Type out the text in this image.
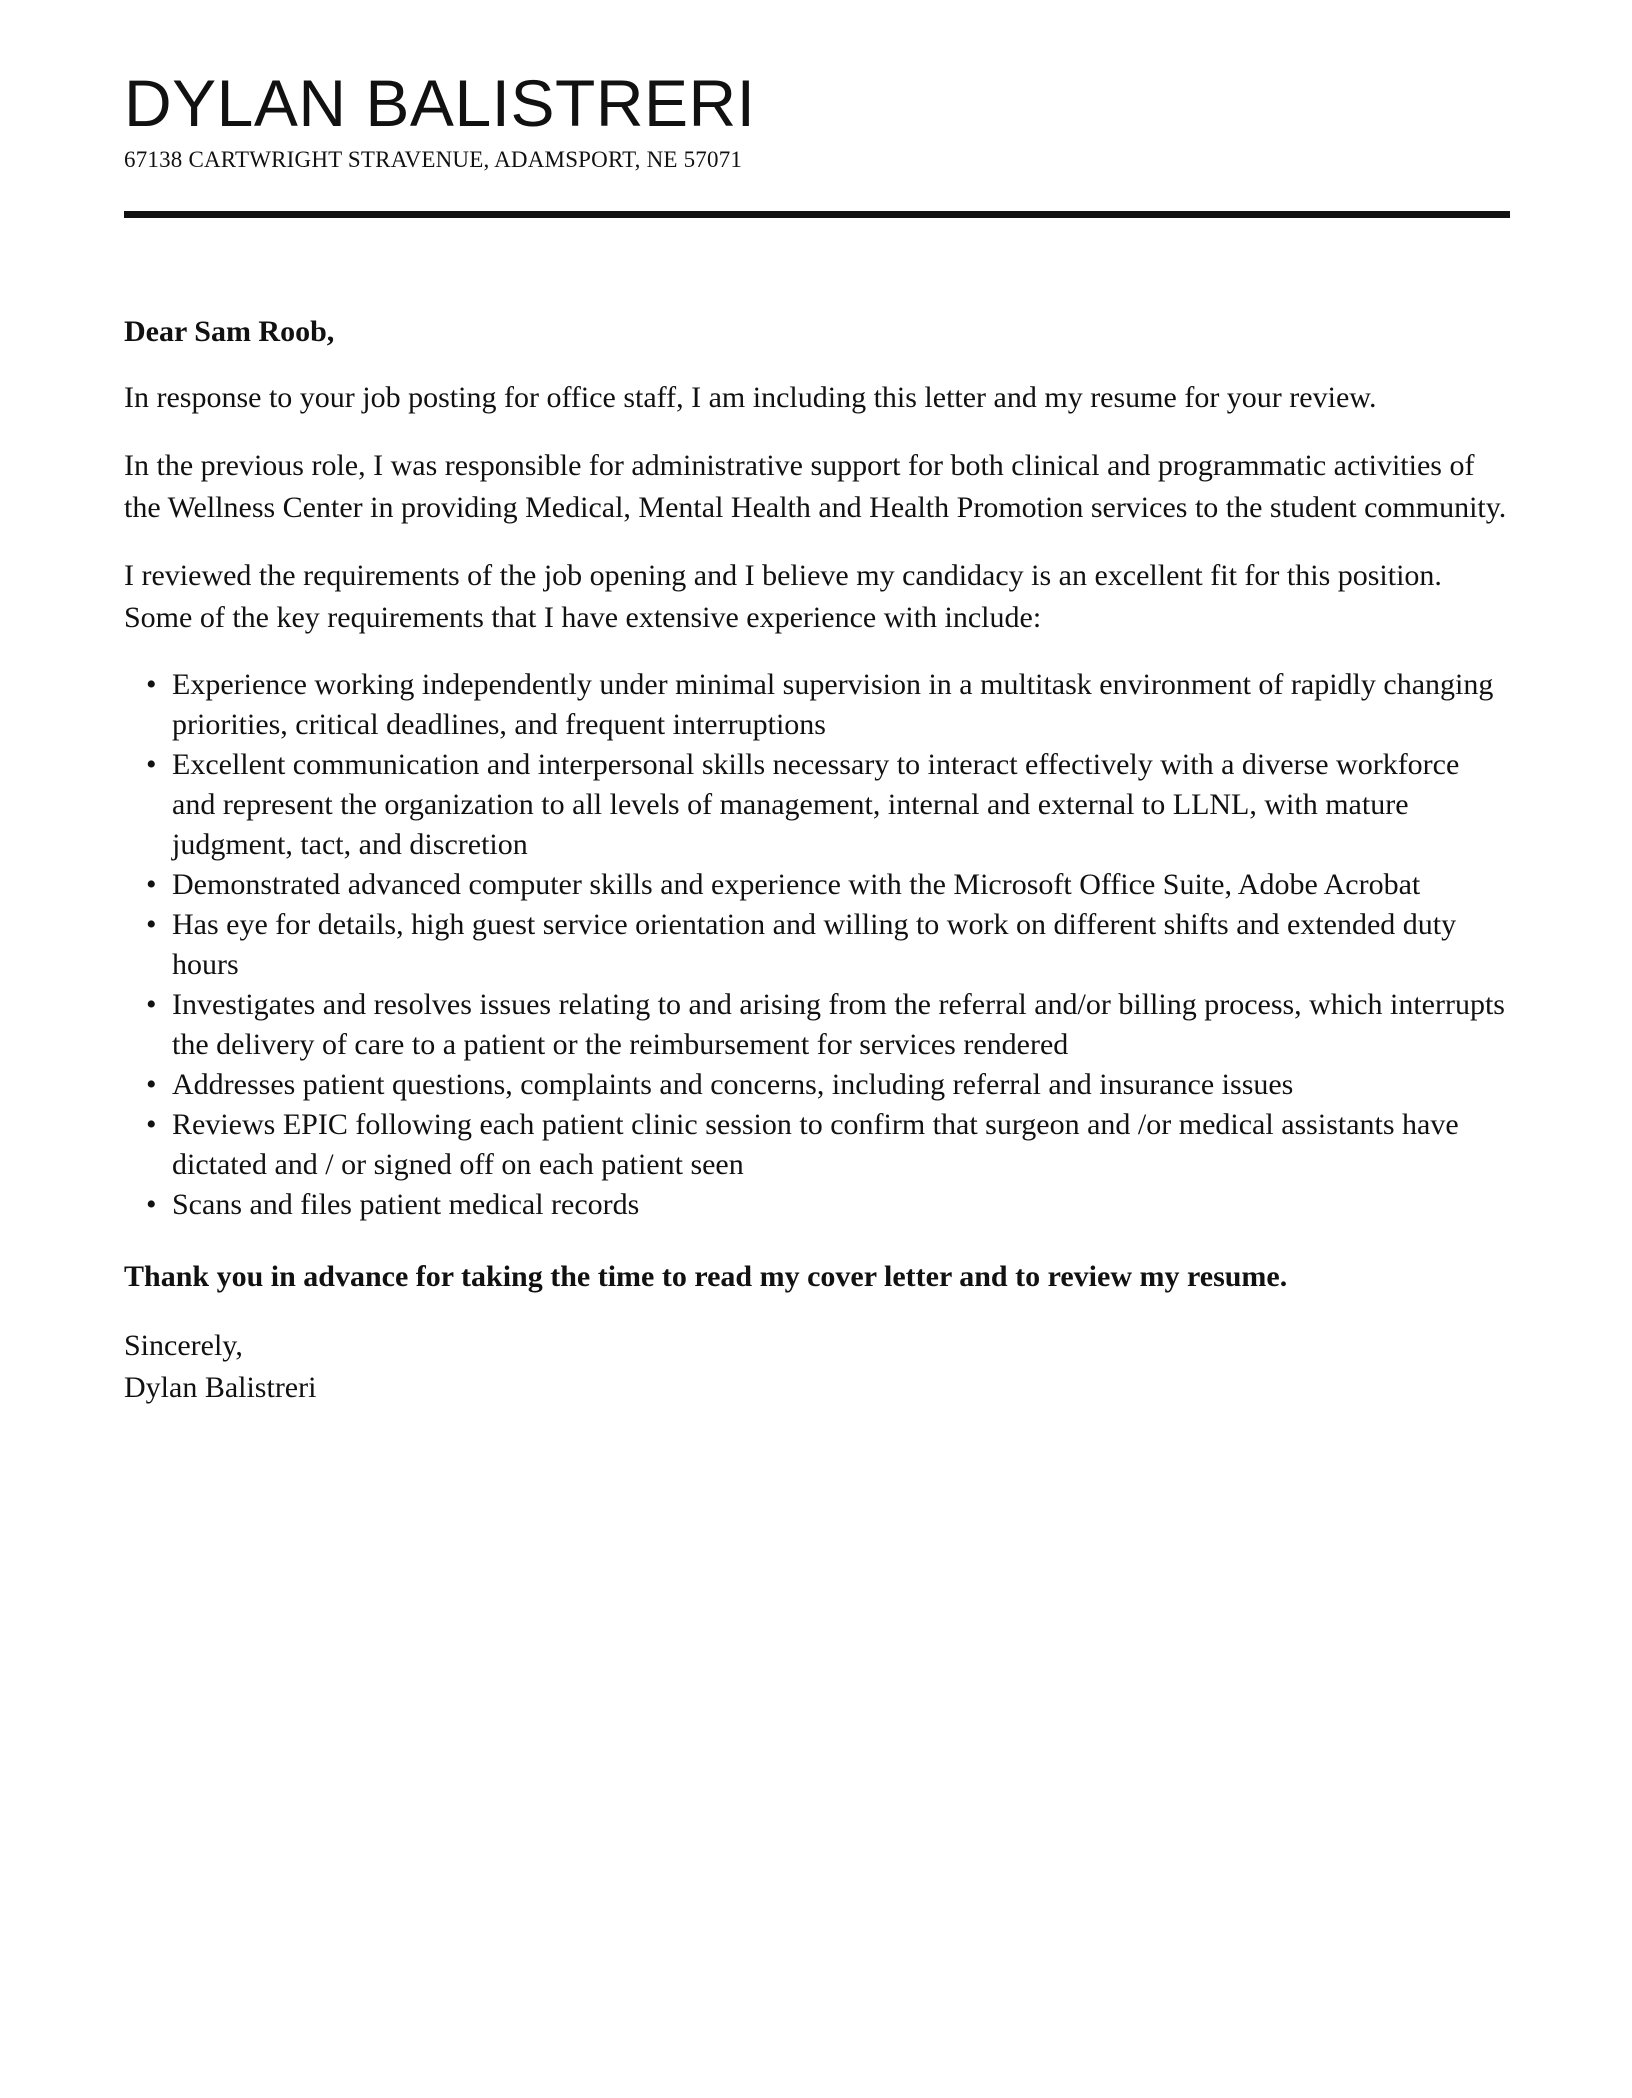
DYLAN BALISTRERI

67138 CARTWRIGHT STRAVENUE, ADAMSPORT, NE 57071

Dear Sam Roob,

In response to your job posting for office staff, I am including this letter and my resume for your review.

In the previous role, I was responsible for administrative support for both clinical and programmatic activities of the Wellness Center in providing Medical, Mental Health and Health Promotion services to the student community.

I reviewed the requirements of the job opening and I believe my candidacy is an excellent fit for this position. Some of the key requirements that I have extensive experience with include:

• Experience working independently under minimal supervision in a multitask environment of rapidly changing priorities, critical deadlines, and frequent interruptions
• Excellent communication and interpersonal skills necessary to interact effectively with a diverse workforce and represent the organization to all levels of management, internal and external to LLNL, with mature judgment, tact, and discretion
• Demonstrated advanced computer skills and experience with the Microsoft Office Suite, Adobe Acrobat
• Has eye for details, high guest service orientation and willing to work on different shifts and extended duty hours
• Investigates and resolves issues relating to and arising from the referral and/or billing process, which interrupts the delivery of care to a patient or the reimbursement for services rendered
• Addresses patient questions, complaints and concerns, including referral and insurance issues
• Reviews EPIC following each patient clinic session to confirm that surgeon and /or medical assistants have dictated and / or signed off on each patient seen
• Scans and files patient medical records

Thank you in advance for taking the time to read my cover letter and to review my resume.

Sincerely,

Dylan Balistreri
